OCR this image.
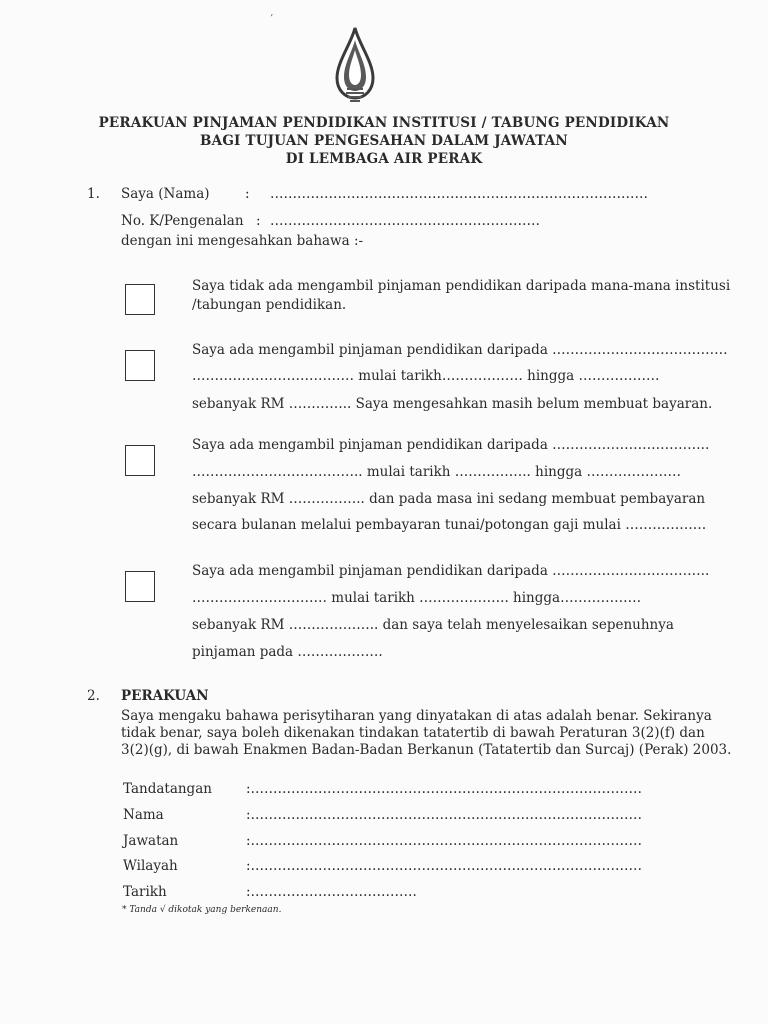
ʼ
PERAKUAN PINJAMAN PENDIDIKAN INSTITUSI / TABUNG PENDIDIKAN
BAGI TUJUAN PENGESAHAN DALAM JAWATAN
DI LEMBAGA AIR PERAK
1. Saya (Nama)	: …………………………………………………………………………
No. K/Pengenalan : ……………………………………………………
dengan ini mengesahkan bahawa :-
Saya tidak ada mengambil pinjaman pendidikan daripada mana-mana institusi
/tabungan pendidikan.
Saya ada mengambil pinjaman pendidikan daripada …………………………………
……………………………… mulai tarikh……………… hingga ………………
sebanyak RM ………….. Saya mengesahkan masih belum membuat bayaran.
Saya ada mengambil pinjaman pendidikan daripada ……………………………..
……………………………….. mulai tarikh …………….. hingga …………………
sebanyak RM …………….. dan pada masa ini sedang membuat pembayaran
secara bulanan melalui pembayaran tunai/potongan gaji mulai ………………
Saya ada mengambil pinjaman pendidikan daripada ……………………………..
………………………… mulai tarikh ……………….. hingga………………
sebanyak RM ……………….. dan saya telah menyelesaikan sepenuhnya
pinjaman pada ……………….
2. PERAKUAN
Saya mengaku bahawa perisytiharan yang dinyatakan di atas adalah benar. Sekiranya
tidak benar, saya boleh dikenakan tindakan tatatertib di bawah Peraturan 3(2)(f) dan
3(2)(g), di bawah Enakmen Badan-Badan Berkanun (Tatatertib dan Surcaj) (Perak) 2003.
Tandatangan	:……………………………………………………………………………
Nama	:……………………………………………………………………………
Jawatan	:……………………………………………………………………………
Wilayah	:……………………………………………………………………………
Tarikh	:……………………………….
* Tanda √ dikotak yang berkenaan.
